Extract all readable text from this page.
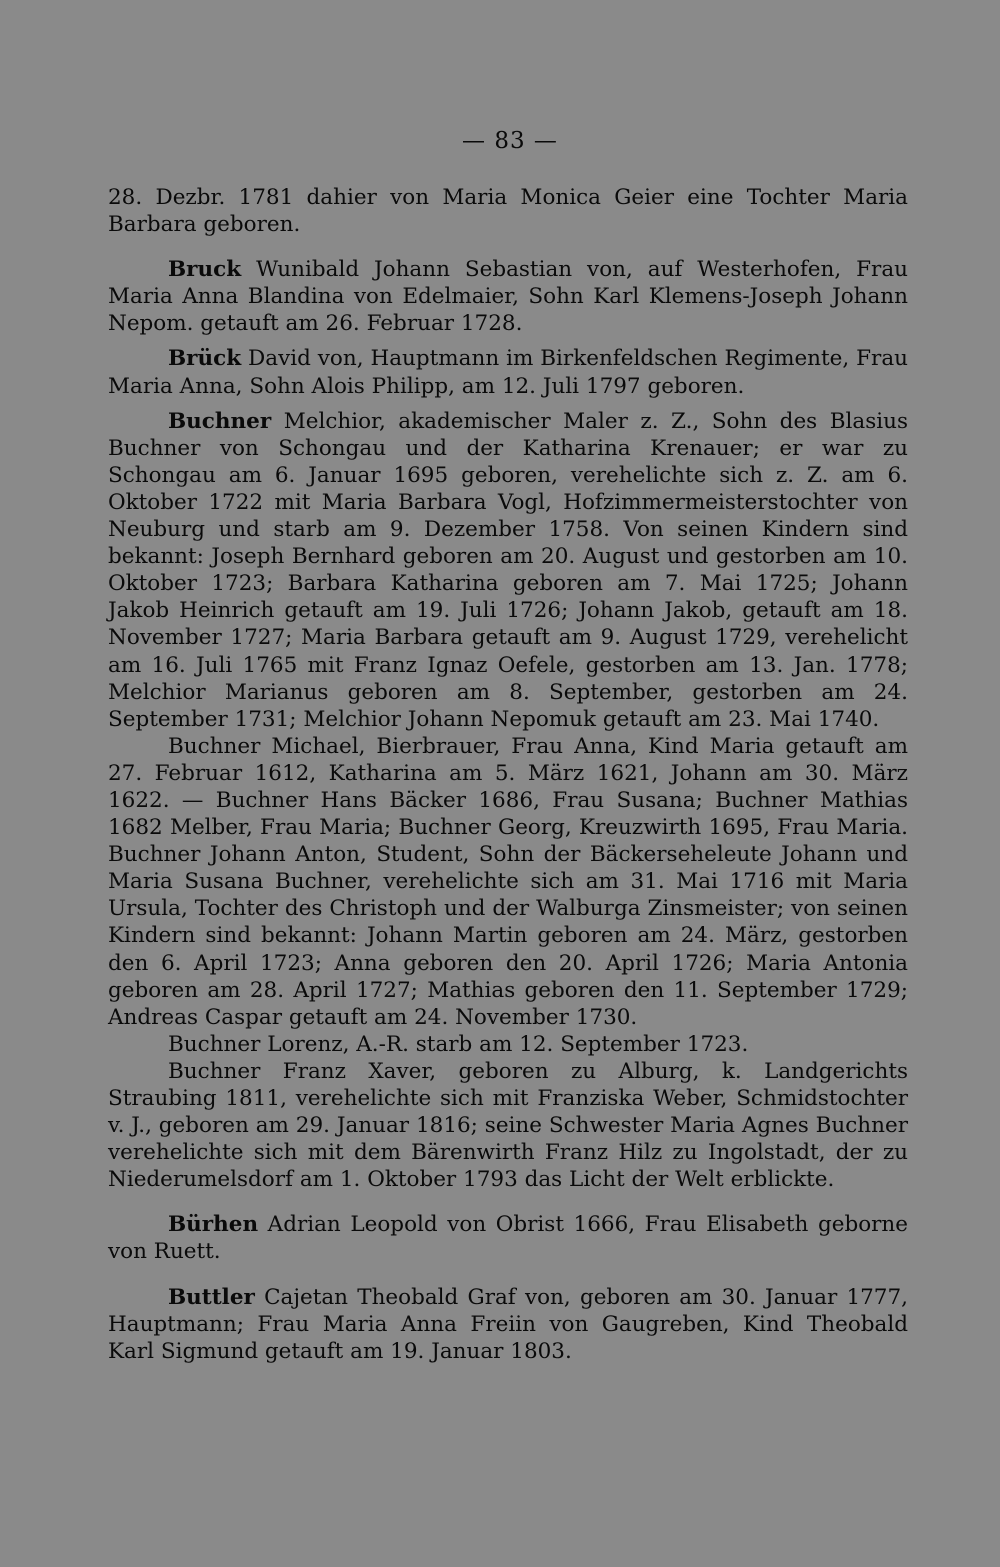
— 83 —

28. Dezbr. 1781 dahier von Maria Monica Geier eine Tochter Maria Barbara geboren.

Bruck Wunibald Johann Sebastian von, auf Westerhofen, Frau Maria Anna Blandina von Edelmaier, Sohn Karl Klemens-Joseph Johann Nepom. getauft am 26. Februar 1728.

Brück David von, Hauptmann im Birkenfeldschen Regimente, Frau Maria Anna, Sohn Alois Philipp, am 12. Juli 1797 geboren.

Buchner Melchior, akademischer Maler z. Z., Sohn des Blasius Buchner von Schongau und der Katharina Krenauer; er war zu Schongau am 6. Januar 1695 geboren, verehelichte sich z. Z. am 6. Oktober 1722 mit Maria Barbara Vogl, Hofzimmermeisterstochter von Neuburg und starb am 9. Dezember 1758. Von seinen Kindern sind bekannt: Joseph Bernhard geboren am 20. August und gestorben am 10. Oktober 1723; Barbara Katharina geboren am 7. Mai 1725; Johann Jakob Heinrich getauft am 19. Juli 1726; Johann Jakob, getauft am 18. November 1727; Maria Barbara getauft am 9. August 1729, verehelicht am 16. Juli 1765 mit Franz Ignaz Oefele, gestorben am 13. Jan. 1778; Melchior Marianus geboren am 8. September, gestorben am 24. September 1731; Melchior Johann Nepomuk getauft am 23. Mai 1740.

Buchner Michael, Bierbrauer, Frau Anna, Kind Maria getauft am 27. Februar 1612, Katharina am 5. März 1621, Johann am 30. März 1622. — Buchner Hans Bäcker 1686, Frau Susana; Buchner Mathias 1682 Melber, Frau Maria; Buchner Georg, Kreuzwirth 1695, Frau Maria. Buchner Johann Anton, Student, Sohn der Bäckerseheleute Johann und Maria Susana Buchner, verehelichte sich am 31. Mai 1716 mit Maria Ursula, Tochter des Christoph und der Walburga Zinsmeister; von seinen Kindern sind bekannt: Johann Martin geboren am 24. März, gestorben den 6. April 1723; Anna geboren den 20. April 1726; Maria Antonia geboren am 28. April 1727; Mathias geboren den 11. September 1729; Andreas Caspar getauft am 24. November 1730.

Buchner Lorenz, A.-R. starb am 12. September 1723.

Buchner Franz Xaver, geboren zu Alburg, k. Landgerichts Straubing 1811, verehelichte sich mit Franziska Weber, Schmidstochter v. J., geboren am 29. Januar 1816; seine Schwester Maria Agnes Buchner verehelichte sich mit dem Bärenwirth Franz Hilz zu Ingolstadt, der zu Niederumelsdorf am 1. Oktober 1793 das Licht der Welt erblickte.

Bürhen Adrian Leopold von Obrist 1666, Frau Elisabeth geborne von Ruett.

Buttler Cajetan Theobald Graf von, geboren am 30. Januar 1777, Hauptmann; Frau Maria Anna Freiin von Gaugreben, Kind Theobald Karl Sigmund getauft am 19. Januar 1803.
